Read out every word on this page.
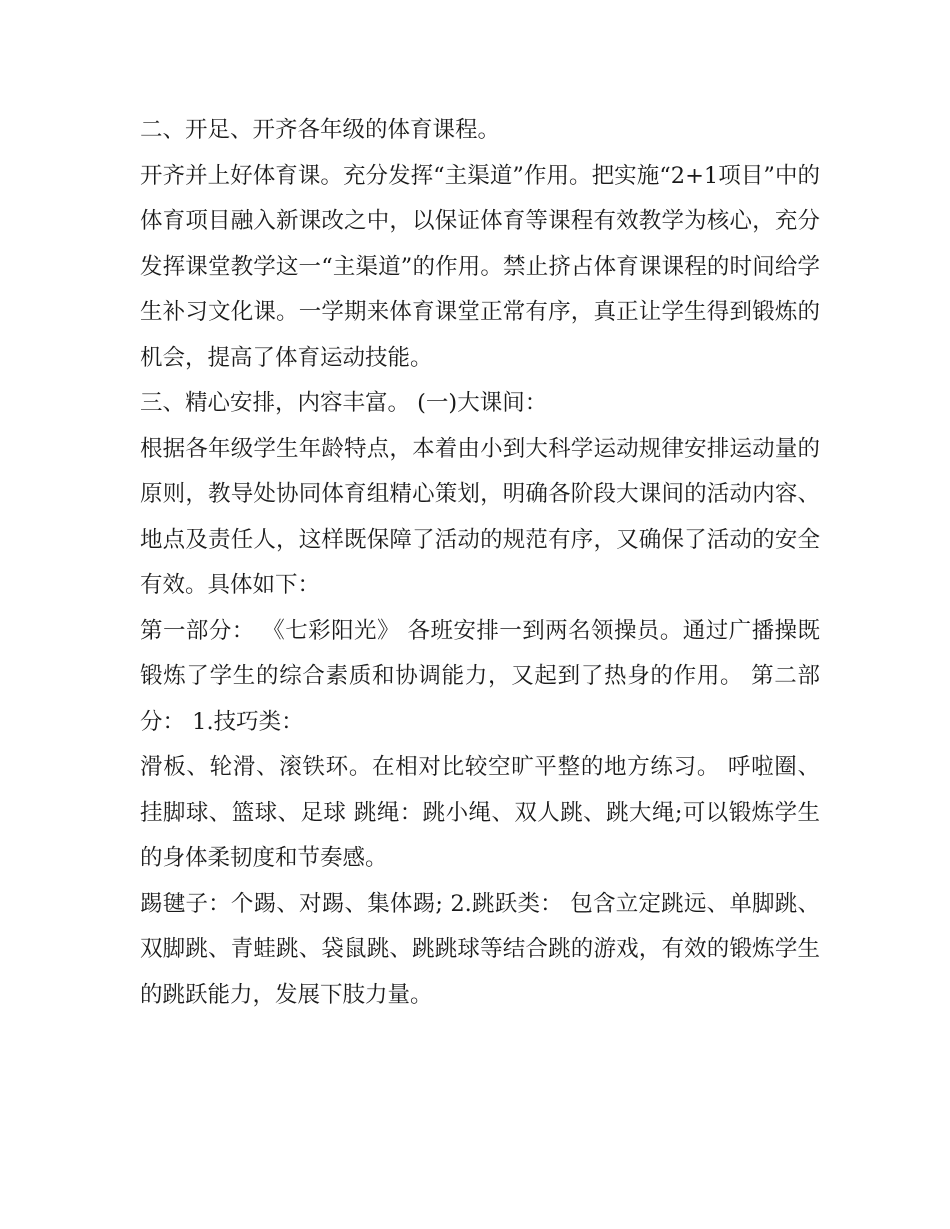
二、开足、开齐各年级的体育课程。

开齐并上好体育课。充分发挥“主渠道”作用。把实施“2+1项目”中的体育项目融入新课改之中，以保证体育等课程有效教学为核心，充分发挥课堂教学这一“主渠道”的作用。禁止挤占体育课课程的时间给学生补习文化课。一学期来体育课堂正常有序，真正让学生得到锻炼的机会，提高了体育运动技能。

三、精心安排，内容丰富。 (一)大课间：

根据各年级学生年龄特点，本着由小到大科学运动规律安排运动量的原则，教导处协同体育组精心策划，明确各阶段大课间的活动内容、地点及责任人，这样既保障了活动的规范有序，又确保了活动的安全有效。具体如下：

第一部分： 《七彩阳光》 各班安排一到两名领操员。通过广播操既锻炼了学生的综合素质和协调能力，又起到了热身的作用。 第二部分： 1.技巧类：

滑板、轮滑、滚铁环。在相对比较空旷平整的地方练习。 呼啦圈、挂脚球、篮球、足球 跳绳：跳小绳、双人跳、跳大绳;可以锻炼学生的身体柔韧度和节奏感。

踢毽子：个踢、对踢、集体踢; 2.跳跃类： 包含立定跳远、单脚跳、双脚跳、青蛙跳、袋鼠跳、跳跳球等结合跳的游戏，有效的锻炼学生的跳跃能力，发展下肢力量。
